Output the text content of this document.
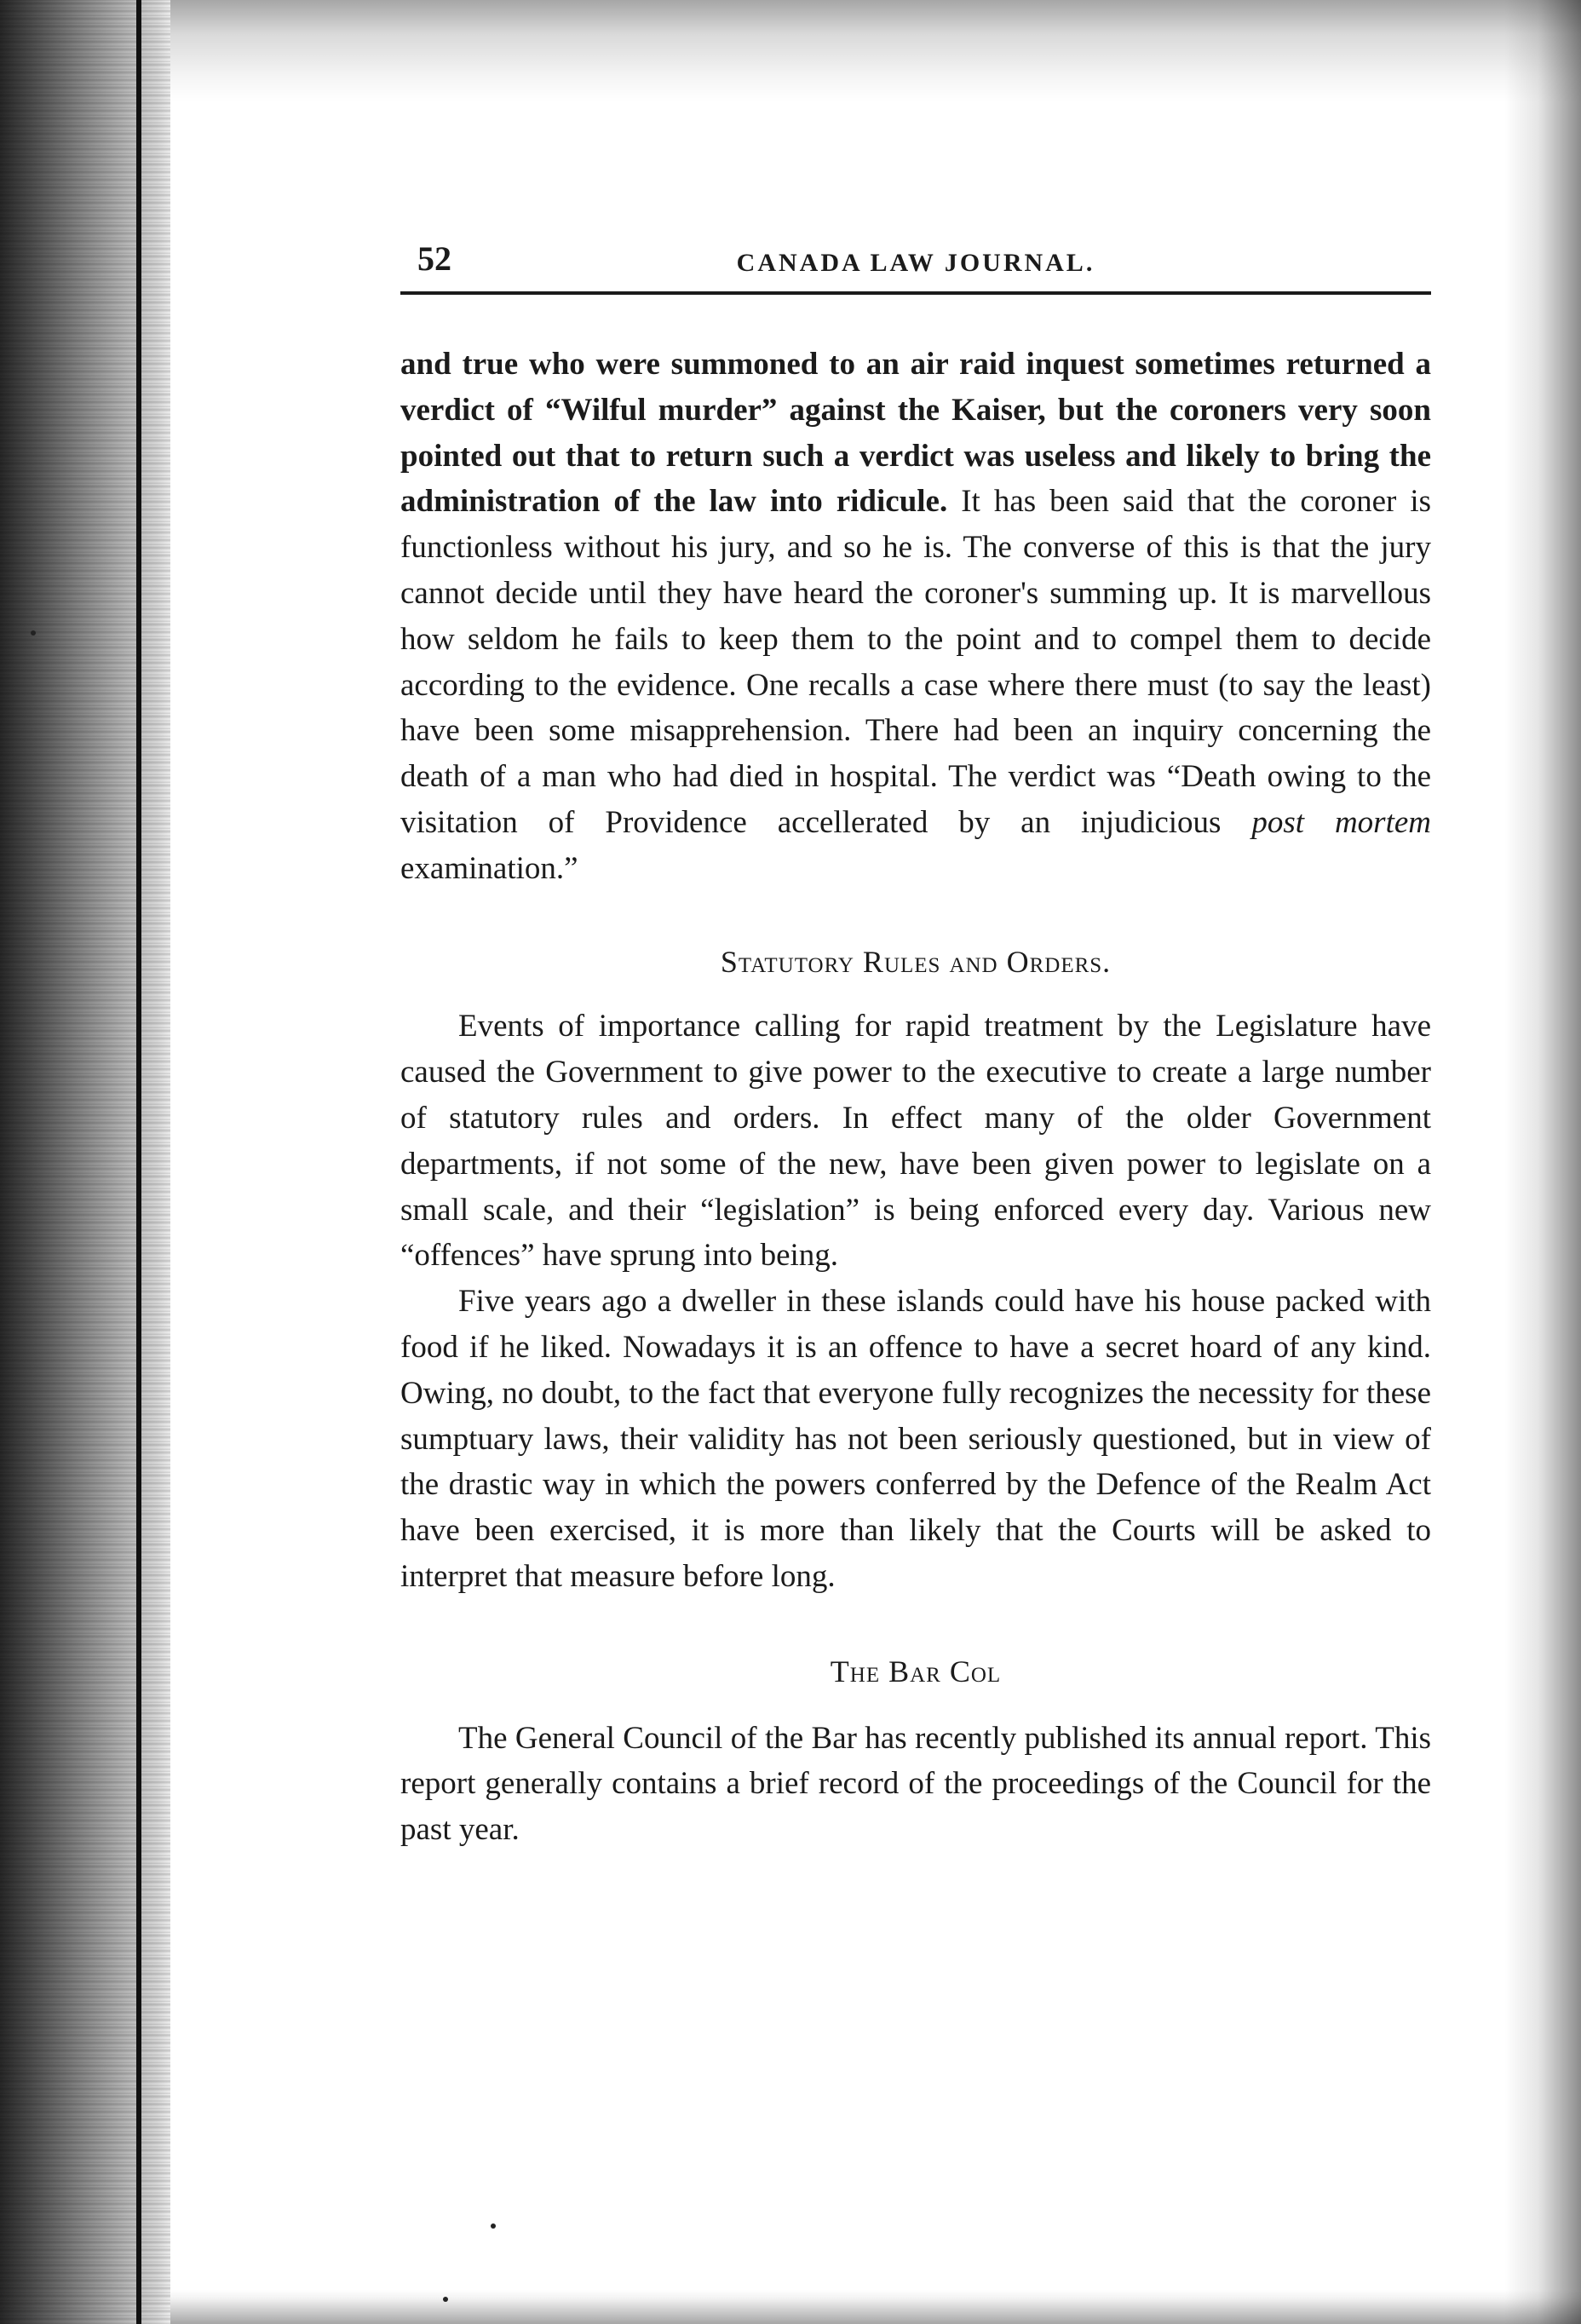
52	CANADA LAW JOURNAL.

and true who were summoned to an air raid inquest sometimes returned a verdict of “Wilful murder” against the Kaiser, but the coroners very soon pointed out that to return such a verdict was useless and likely to bring the administration of the law into ridicule. It has been said that the coroner is functionless without his jury, and so he is. The converse of this is that the jury cannot decide until they have heard the coroner's summing up. It is marvellous how seldom he fails to keep them to the point and to compel them to decide according to the evidence. One recalls a case where there must (to say the least) have been some misapprehension. There had been an inquiry concerning the death of a man who had died in hospital. The verdict was “Death owing to the visitation of Providence accellerated by an injudicious post mortem examination.”

Statutory Rules and Orders.

Events of importance calling for rapid treatment by the Legislature have caused the Government to give power to the executive to create a large number of statutory rules and orders. In effect many of the older Government departments, if not some of the new, have been given power to legislate on a small scale, and their “legislation” is being enforced every day. Various new “offences” have sprung into being.

Five years ago a dweller in these islands could have his house packed with food if he liked. Nowadays it is an offence to have a secret hoard of any kind. Owing, no doubt, to the fact that everyone fully recognizes the necessity for these sumptuary laws, their validity has not been seriously questioned, but in view of the drastic way in which the powers conferred by the Defence of the Realm Act have been exercised, it is more than likely that the Courts will be asked to interpret that measure before long.

The Bar Col

The General Council of the Bar has recently published its annual report. This report generally contains a brief record of the proceedings of the Council for the past year.
